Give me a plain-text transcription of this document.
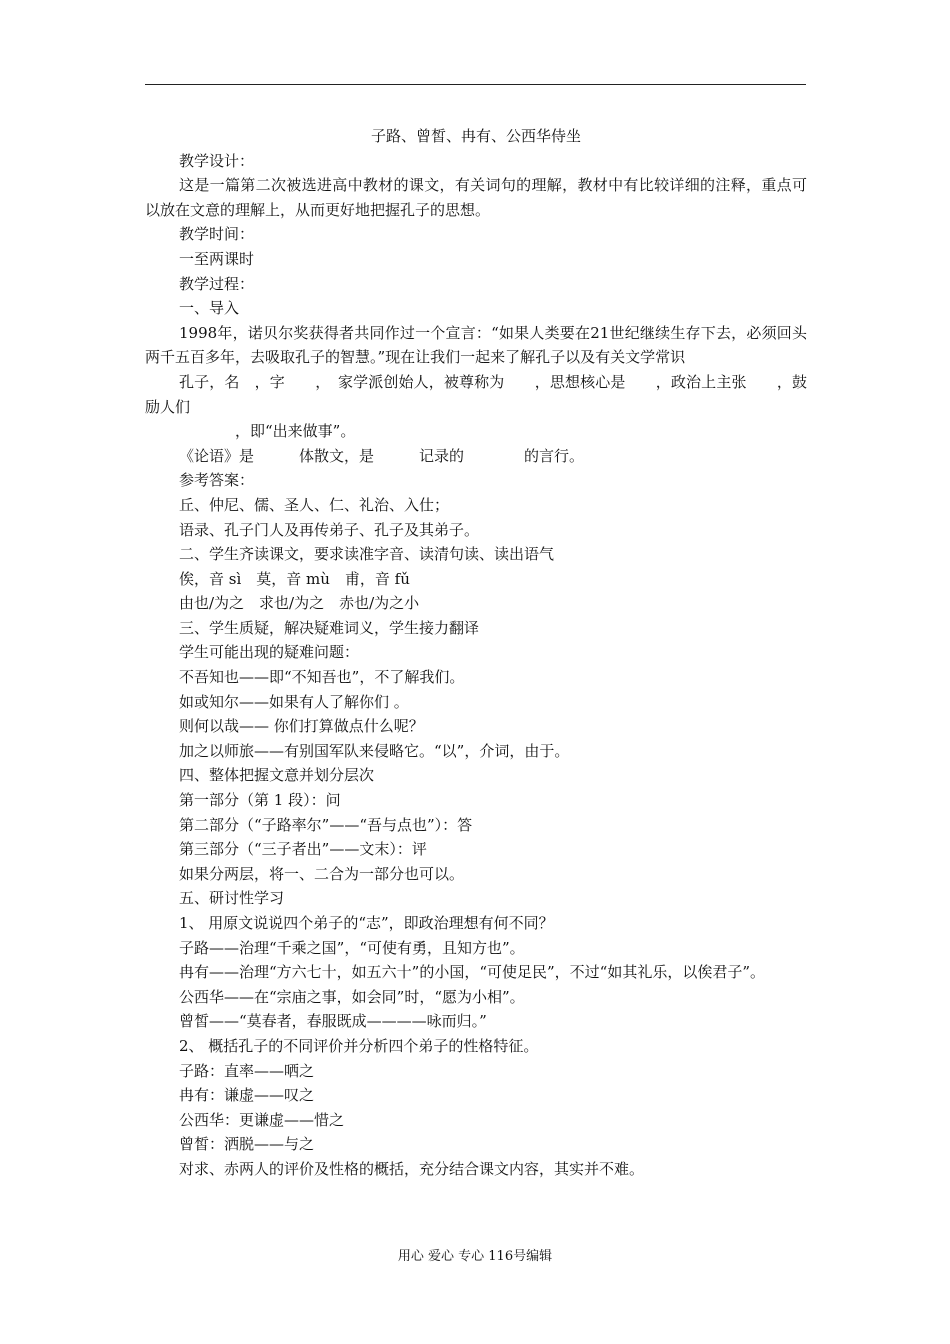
子路、曾皙、冉有、公西华侍坐

教学设计：

这是一篇第二次被选进高中教材的课文，有关词句的理解，教材中有比较详细的注释，重点可以放在文意的理解上，从而更好地把握孔子的思想。

教学时间：

一至两课时

教学过程：

一、导入

1998年，诺贝尔奖获得者共同作过一个宣言：“如果人类要在21世纪继续生存下去，必须回头两千五百多年，去吸取孔子的智慧。”现在让我们一起来了解孔子以及有关文学常识

孔子，名　，字　　，　家学派创始人，被尊称为　　，思想核心是　　，政治上主张　　，鼓励人们

，即“出来做事”。

《论语》是　　　体散文，是　　　记录的　　　　的言行。

参考答案：

丘、仲尼、儒、圣人、仁、礼治、入仕；

语录、孔子门人及再传弟子、孔子及其弟子。

二、学生齐读课文，要求读准字音、读清句读、读出语气

俟，音 sì　莫，音 mù　甫，音 fǔ

由也/为之　求也/为之　赤也/为之小

三、学生质疑，解决疑难词义，学生接力翻译

学生可能出现的疑难问题：

不吾知也——即“不知吾也”，不了解我们。

如或知尔——如果有人了解你们 。

则何以哉—— 你们打算做点什么呢？

加之以师旅——有别国军队来侵略它。“以”，介词，由于。

四、整体把握文意并划分层次

第一部分（第 1 段）：问

第二部分（“子路率尔”——“吾与点也”）：答

第三部分（“三子者出”——文末）：评

如果分两层，将一、二合为一部分也可以。

五、研讨性学习

1、 用原文说说四个弟子的“志”，即政治理想有何不同？

子路——治理“千乘之国”，“可使有勇，且知方也”。

冉有——治理“方六七十，如五六十”的小国，“可使足民”，不过“如其礼乐，以俟君子”。

公西华——在“宗庙之事，如会同”时，“愿为小相”。

曾皙——“莫春者，春服既成————咏而归。”

2、 概括孔子的不同评价并分析四个弟子的性格特征。

子路：直率——哂之

冉有：谦虚——叹之

公西华：更谦虚——惜之

曾皙：洒脱——与之

对求、赤两人的评价及性格的概括，充分结合课文内容，其实并不难。

用心 爱心 专心 116号编辑
